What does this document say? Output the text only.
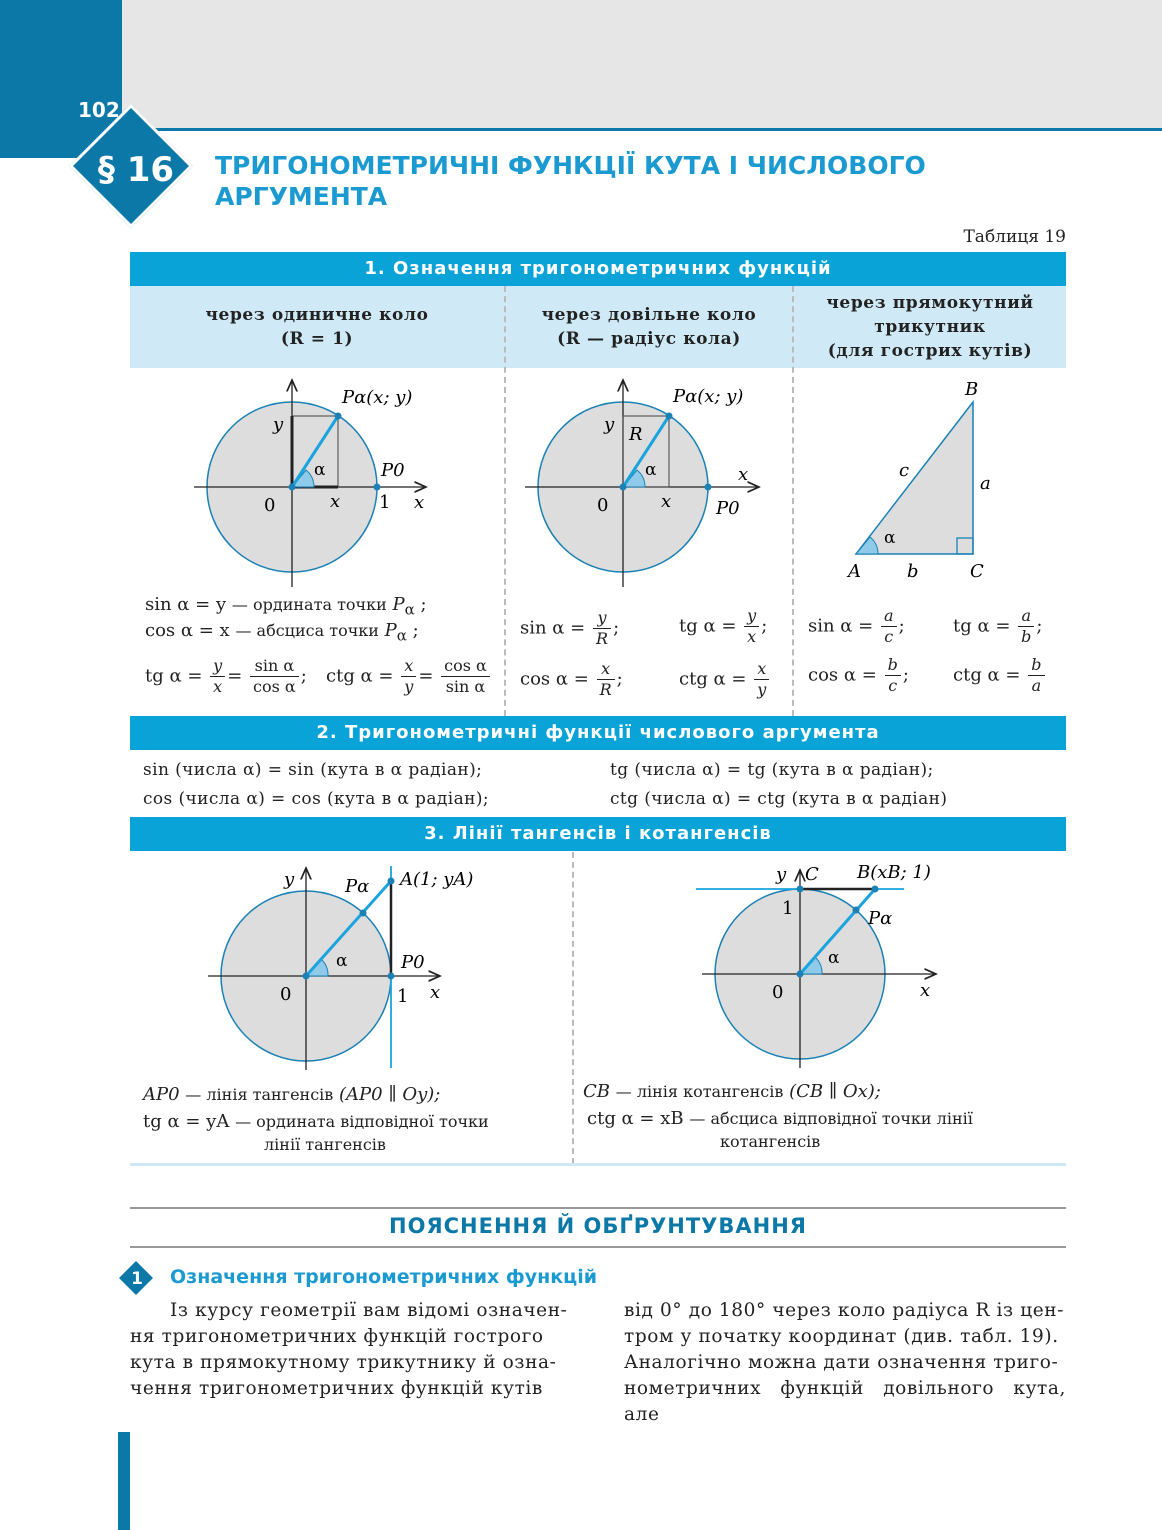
102
§ 16 ТРИГОНОМЕТРИЧНІ ФУНКЦІЇ КУТА І ЧИСЛОВОГО
АРГУМЕНТА
Таблиця 19
1. Означення тригонометричних функцій
через одиничне коло
(R = 1)
через довільне коло
(R — радіус кола)
через прямокутний
трикутник
(для гострих кутів)
Pα(x; y)
y
x	x
0	1
P0
α
Pα(x; y)
y R
x
x
0	P0
α
A
B
C
a
b
c
α
sin α = y — ордината точки $P_\alpha$ ;
cos α = x — абсциса точки $P_\alpha$ ;
tg $\alpha = \frac{y}{x} = \frac{\text{sin α}}{\text{cos α}}$ ; ctg $\alpha = \frac{x}{y} = \frac{\text{cos α}}{\text{sin α}}$
$\sin \alpha = \frac{y}{R}$ ;	tg $\alpha = \frac{y}{x}$ ;
$\cos \alpha = \frac{x}{R}$ ;	ctg $\alpha = \frac{x}{y}$
$\sin \alpha = \frac{a}{c}$ ;	tg $\alpha = \frac{a}{b}$ ;
$\cos \alpha = \frac{b}{c}$ ; ctg $\alpha = \frac{b}{a}$
2. Тригонометричні функції числового аргумента
sin (числа α) = sin (кута в α радіан);
cos (числа α) = cos (кута в α радіан);
tg (числа α) = tg (кута в α радіан);
ctg (числа α) = ctg (кута в α радіан)
3. Лінії тангенсів і котангенсів
y	Pα A(1; yA)
P0
x
0	1
α
y C B(xB; 1)
Pα
1
0	x
α
AP0 — лінія тангенсів (AP0 ∥ Oy);
tg α = yA — ордината відповідної точки
лінії тангенсів
CB — лінія котангенсів (CB ∥ Ox);
ctg α = xB — абсциса відповідної точки лінії
котангенсів
ПОЯСНЕННЯ Й ОБҐРУНТУВАННЯ
1	Означення тригонометричних функцій
Із курсу геометрії вам відомі означен-
ня тригонометричних функцій гострого
кута в прямокутному трикутнику й озна-
чення тригонометричних функцій кутів
від 0° до 180° через коло радіуса R із цен-
тром у початку координат (див. табл. 19).
Аналогічно можна дати означення триго-
нометричних функцій довільного кута, але
